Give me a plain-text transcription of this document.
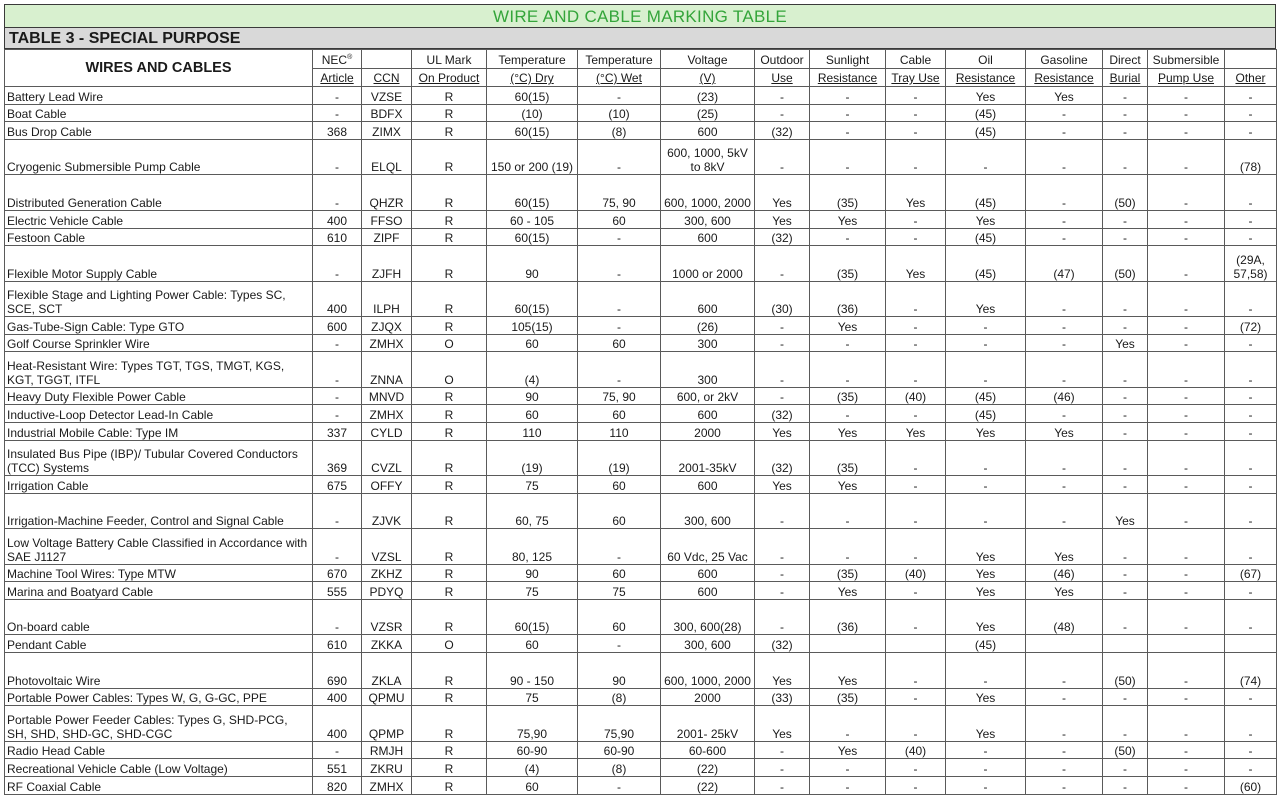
WIRE AND CABLE MARKING TABLE
TABLE 3 - SPECIAL PURPOSE
WIRES AND CABLES	NEC®		UL Mark	Temperature	Temperature	Voltage	Outdoor	Sunlight	Cable	Oil	Gasoline	Direct	Submersible	
	Article	CCN	On Product	(°C) Dry	(°C) Wet	(V)	Use	Resistance	Tray Use	Resistance	Resistance	Burial	Pump Use	Other
Battery Lead Wire	-	VZSE	R	60(15)	-	(23)	-	-	-	Yes	Yes	-	-	-
Boat Cable	-	BDFX	R	(10)	(10)	(25)	-	-	-	(45)	-	-	-	-
Bus Drop Cable	368	ZIMX	R	60(15)	(8)	600	(32)	-	-	(45)	-	-	-	-
Cryogenic Submersible Pump Cable	-	ELQL	R	150 or 200 (19)	-	600, 1000, 5kV to 8kV	-	-	-	-	-	-	-	(78)
Distributed Generation Cable	-	QHZR	R	60(15)	75, 90	600, 1000, 2000	Yes	(35)	Yes	(45)	-	(50)	-	-
Electric Vehicle Cable	400	FFSO	R	60 - 105	60	300, 600	Yes	Yes	-	Yes	-	-	-	-
Festoon Cable	610	ZIPF	R	60(15)	-	600	(32)	-	-	(45)	-	-	-	-
Flexible Motor Supply Cable	-	ZJFH	R	90	-	1000 or 2000	-	(35)	Yes	(45)	(47)	(50)	-	(29A, 57,58)
Flexible Stage and Lighting Power Cable: Types SC, SCE, SCT	400	ILPH	R	60(15)	-	600	(30)	(36)	-	Yes	-	-	-	-
Gas-Tube-Sign Cable: Type GTO	600	ZJQX	R	105(15)	-	(26)	-	Yes	-	-	-	-	-	(72)
Golf Course Sprinkler Wire	-	ZMHX	O	60	60	300	-	-	-	-	-	Yes	-	-
Heat-Resistant Wire: Types TGT, TGS, TMGT, KGS, KGT, TGGT, ITFL	-	ZNNA	O	(4)	-	300	-	-	-	-	-	-	-	-
Heavy Duty Flexible Power Cable	-	MNVD	R	90	75, 90	600, or 2kV	-	(35)	(40)	(45)	(46)	-	-	-
Inductive-Loop Detector Lead-In Cable	-	ZMHX	R	60	60	600	(32)	-	-	(45)	-	-	-	-
Industrial Mobile Cable: Type IM	337	CYLD	R	110	110	2000	Yes	Yes	Yes	Yes	Yes	-	-	-
Insulated Bus Pipe (IBP)/ Tubular Covered Conductors (TCC) Systems	369	CVZL	R	(19)	(19)	2001-35kV	(32)	(35)	-	-	-	-	-	-
Irrigation Cable	675	OFFY	R	75	60	600	Yes	Yes	-	-	-	-	-	-
Irrigation-Machine Feeder, Control and Signal Cable	-	ZJVK	R	60, 75	60	300, 600	-	-	-	-	-	Yes	-	-
Low Voltage Battery Cable Classified in Accordance with SAE J1127	-	VZSL	R	80, 125	-	60 Vdc, 25 Vac	-	-	-	Yes	Yes	-	-	-
Machine Tool Wires: Type MTW	670	ZKHZ	R	90	60	600	-	(35)	(40)	Yes	(46)	-	-	(67)
Marina and Boatyard Cable	555	PDYQ	R	75	75	600	-	Yes	-	Yes	Yes	-	-	-
On-board cable	-	VZSR	R	60(15)	60	300, 600(28)	-	(36)	-	Yes	(48)	-	-	-
Pendant Cable	610	ZKKA	O	60	-	300, 600	(32)			(45)				
Photovoltaic Wire	690	ZKLA	R	90 - 150	90	600, 1000, 2000	Yes	Yes	-	-	-	(50)	-	(74)
Portable Power Cables: Types W, G, G-GC, PPE	400	QPMU	R	75	(8)	2000	(33)	(35)	-	Yes	-	-	-	-
Portable Power Feeder Cables: Types G, SHD-PCG, SH, SHD, SHD-GC, SHD-CGC	400	QPMP	R	75,90	75,90	2001- 25kV	Yes	-	-	Yes	-	-	-	-
Radio Head Cable	-	RMJH	R	60-90	60-90	60-600	-	Yes	(40)	-	-	(50)	-	-
Recreational Vehicle Cable (Low Voltage)	551	ZKRU	R	(4)	(8)	(22)	-	-	-	-	-	-	-	-
RF Coaxial Cable	820	ZMHX	R	60	-	(22)	-	-	-	-	-	-	-	(60)
